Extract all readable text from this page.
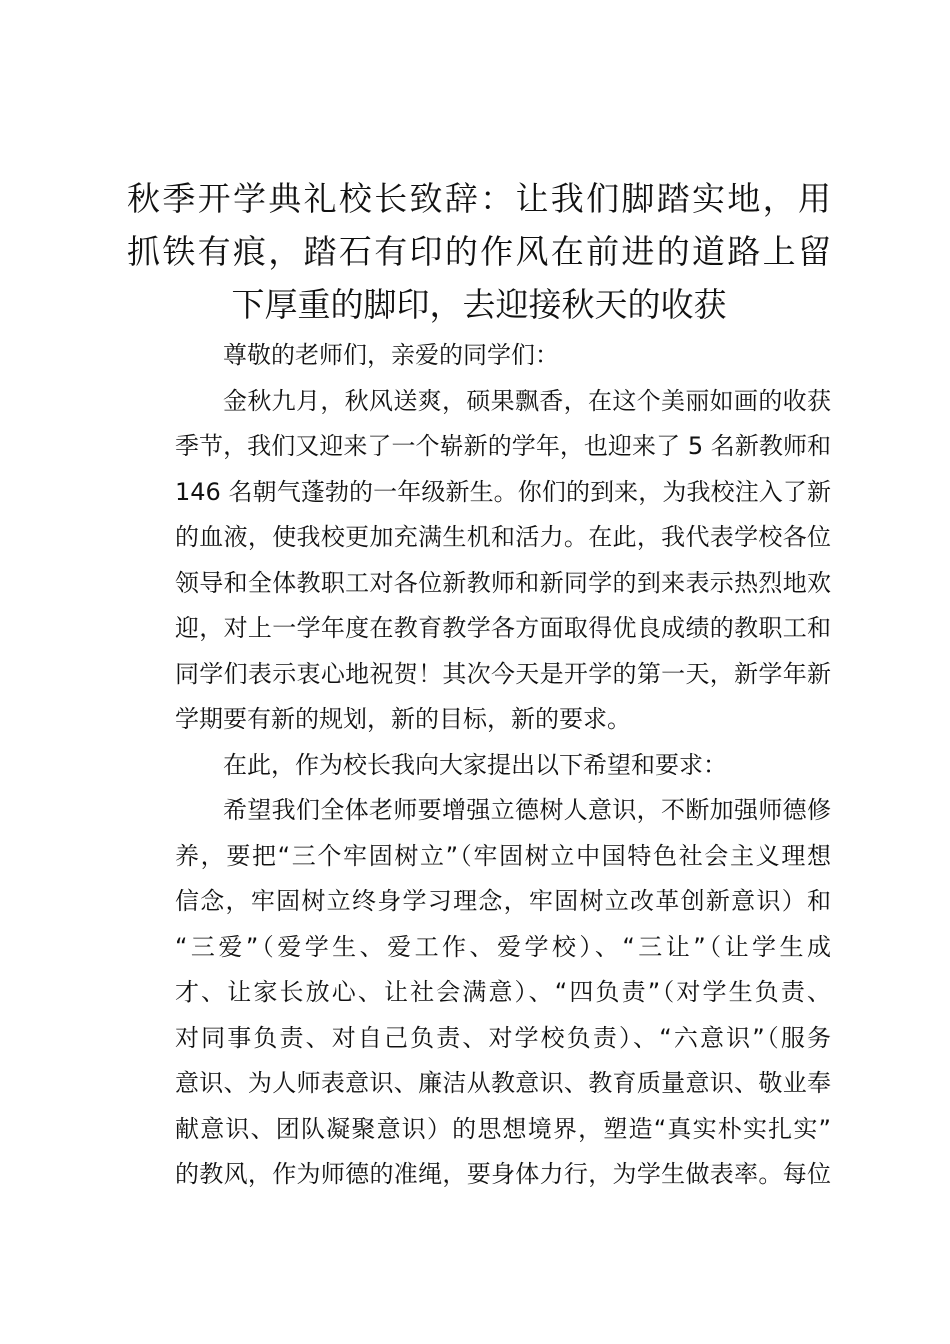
秋季开学典礼校长致辞：让我们脚踏实地，用
抓铁有痕，踏石有印的作风在前进的道路上留
下厚重的脚印，去迎接秋天的收获
尊敬的老师们，亲爱的同学们：
金秋九月，秋风送爽，硕果飘香，在这个美丽如画的收获
季节，我们又迎来了一个崭新的学年，也迎来了 5 名新教师和
146 名朝气蓬勃的一年级新生。你们的到来，为我校注入了新
的血液，使我校更加充满生机和活力。在此，我代表学校各位
领导和全体教职工对各位新教师和新同学的到来表示热烈地欢
迎，对上一学年度在教育教学各方面取得优良成绩的教职工和
同学们表示衷心地祝贺！其次今天是开学的第一天，新学年新
学期要有新的规划，新的目标，新的要求。
在此，作为校长我向大家提出以下希望和要求：
希望我们全体老师要增强立德树人意识，不断加强师德修
养，要把“三个牢固树立”（牢固树立中国特色社会主义理想
信念，牢固树立终身学习理念，牢固树立改革创新意识）和
“三爱”（爱学生、爱工作、爱学校）、“三让”（让学生成
才、让家长放心、让社会满意）、“四负责”（对学生负责、
对同事负责、对自己负责、对学校负责）、“六意识”（服务
意识、为人师表意识、廉洁从教意识、教育质量意识、敬业奉
献意识、团队凝聚意识）的思想境界，塑造“真实朴实扎实”
的教风，作为师德的准绳，要身体力行，为学生做表率。每位
